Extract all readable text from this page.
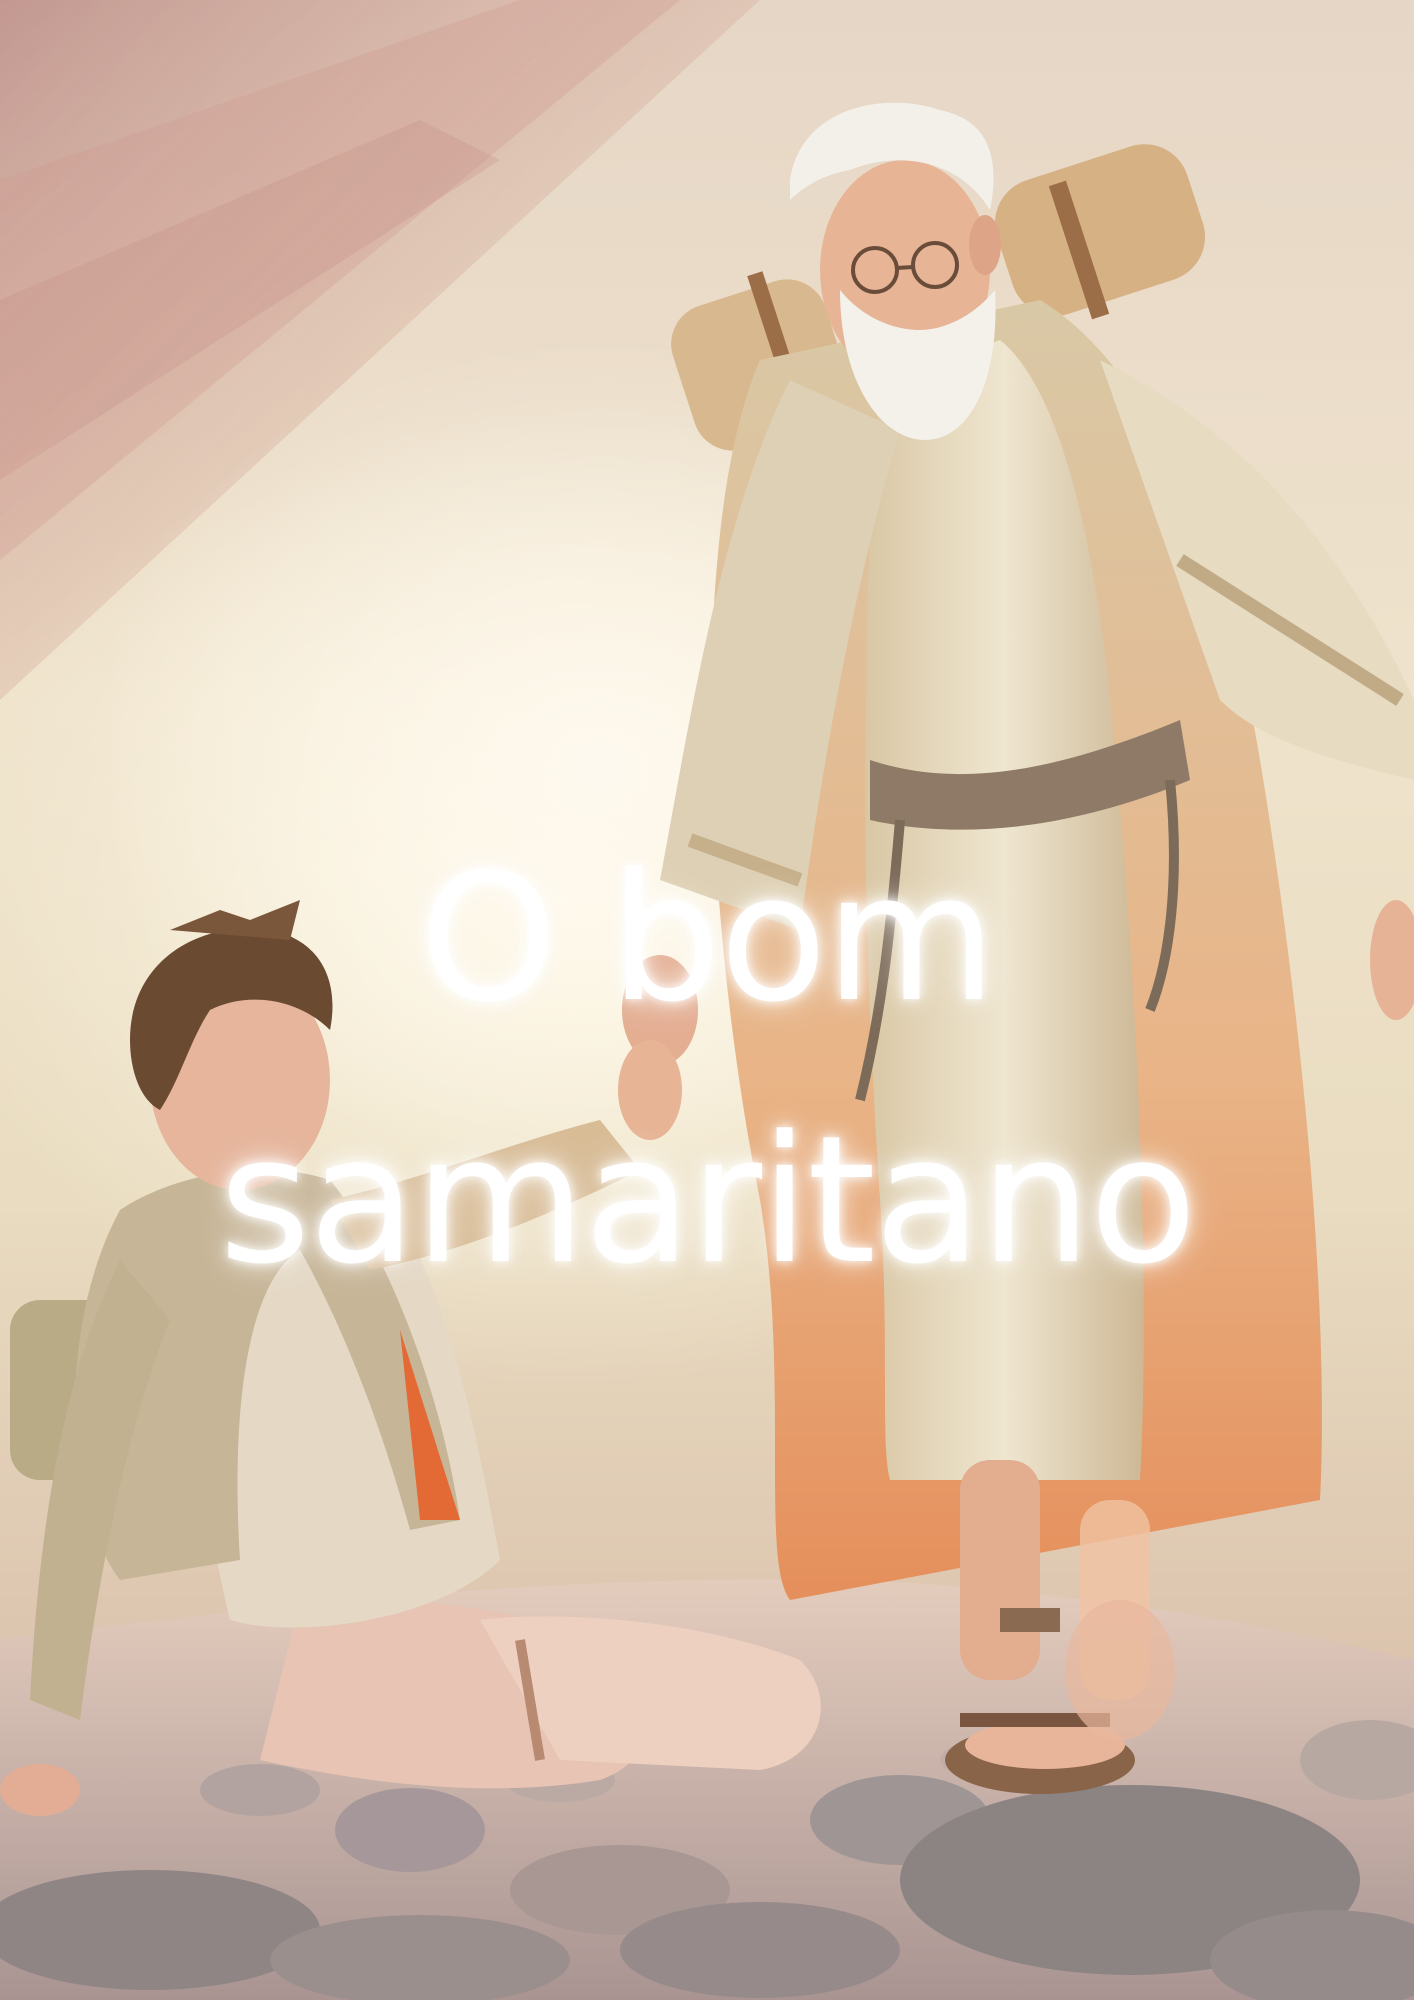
O bom
samaritano
